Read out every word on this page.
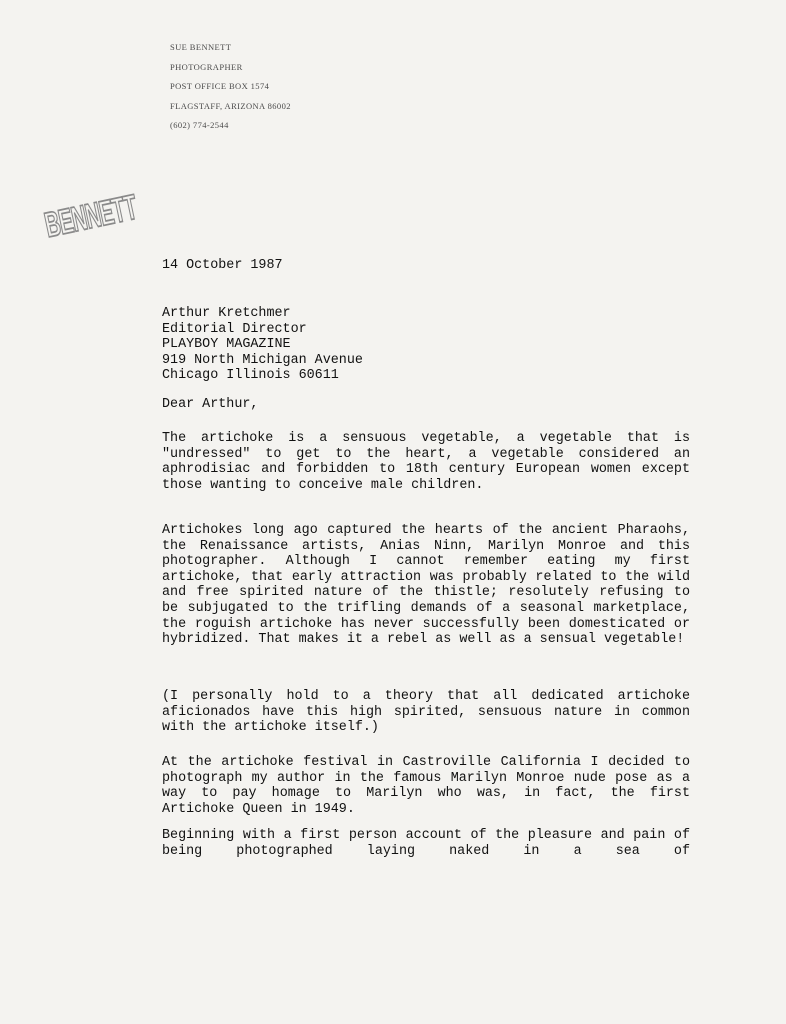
SUE BENNETT
PHOTOGRAPHER
POST OFFICE BOX 1574
FLAGSTAFF, ARIZONA 86002
(602) 774-2544
BENNETT
14 October 1987
Arthur Kretchmer
Editorial Director
PLAYBOY MAGAZINE
919 North Michigan Avenue
Chicago Illinois 60611
Dear Arthur,
The artichoke is a sensuous vegetable, a vegetable that is "undressed" to get to the heart, a vegetable considered an aphrodisiac and forbidden to 18th century European women except those wanting to conceive male children.
Artichokes long ago captured the hearts of the ancient Pharaohs, the Renaissance artists, Anias Ninn, Marilyn Monroe and this photographer. Although I cannot remember eating my first artichoke, that early attraction was probably related to the wild and free spirited nature of the thistle; resolutely refusing to be subjugated to the trifling demands of a seasonal marketplace, the roguish artichoke has never successfully been domesticated or hybridized. That makes it a rebel as well as a sensual vegetable!
(I personally hold to a theory that all dedicated artichoke aficionados have this high spirited, sensuous nature in common with the artichoke itself.)
At the artichoke festival in Castroville California I decided to photograph my author in the famous Marilyn Monroe nude pose as a way to pay homage to Marilyn who was, in fact, the first Artichoke Queen in 1949.
Beginning with a first person account of the pleasure and pain of being photographed laying naked in a sea of
